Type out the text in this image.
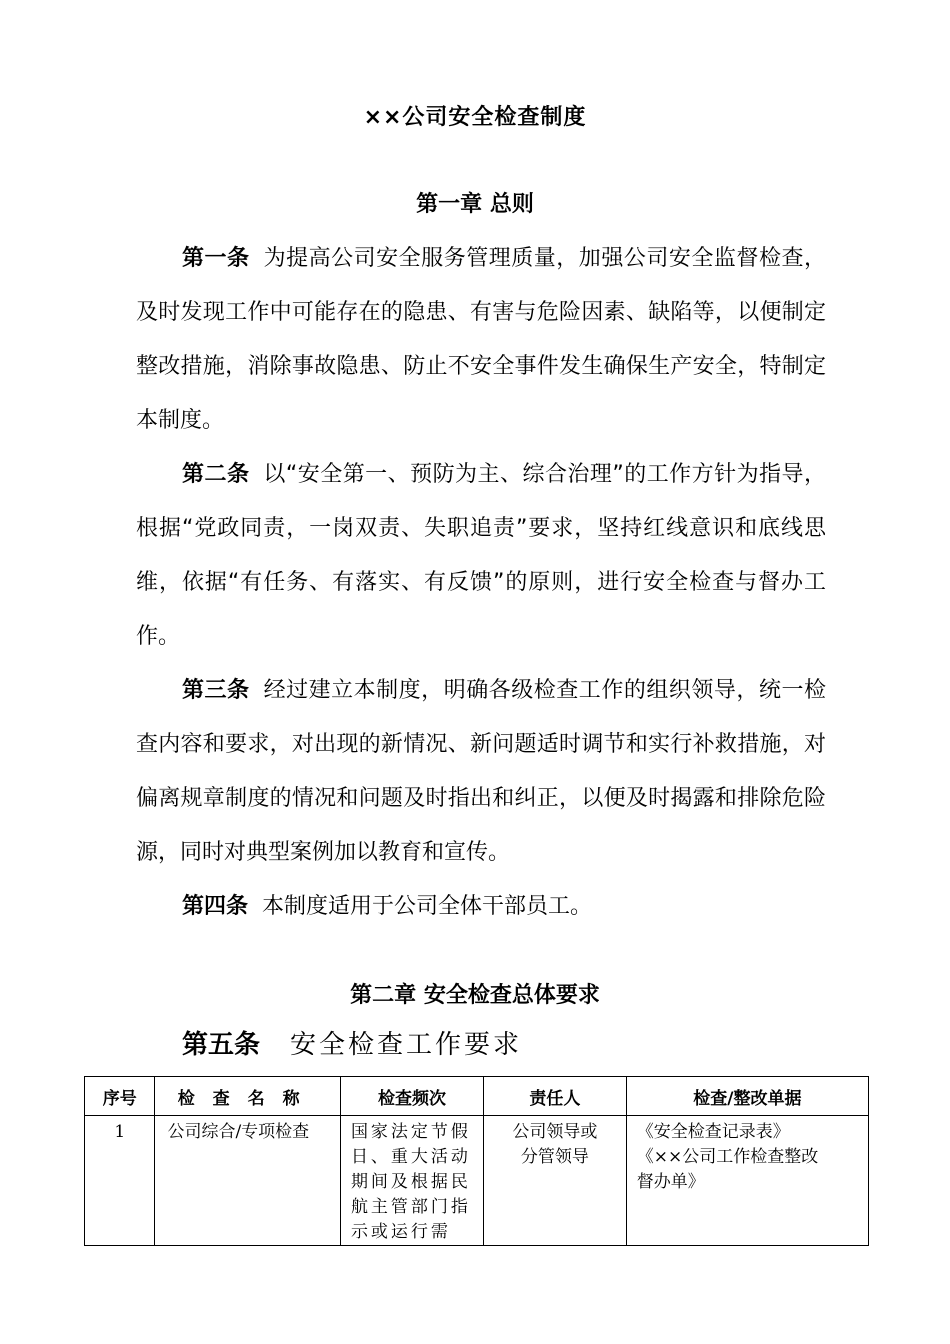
××公司安全检查制度
第一章 总则
第一条 为提高公司安全服务管理质量，加强公司安全监督检查，及时发现工作中可能存在的隐患、有害与危险因素、缺陷等，以便制定整改措施，消除事故隐患、防止不安全事件发生确保生产安全，特制定本制度。
第二条 以“安全第一、预防为主、综合治理”的工作方针为指导，根据“党政同责，一岗双责、失职追责”要求，坚持红线意识和底线思维，依据“有任务、有落实、有反馈”的原则，进行安全检查与督办工作。
第三条 经过建立本制度，明确各级检查工作的组织领导，统一检查内容和要求，对出现的新情况、新问题适时调节和实行补救措施，对偏离规章制度的情况和问题及时指出和纠正，以便及时揭露和排除危险源，同时对典型案例加以教育和宣传。
第四条 本制度适用于公司全体干部员工。
第二章 安全检查总体要求
第五条 安全检查工作要求
序号	检查名称	检查频次	责任人	检查/整改单据
1	公司综合/专项检查	国家法定节假
日、重大活动
期间及根据民
航主管部门指
示或运行需	公司领导或
分管领导	《安全检查记录表》
《××公司工作检查整改
督办单》
